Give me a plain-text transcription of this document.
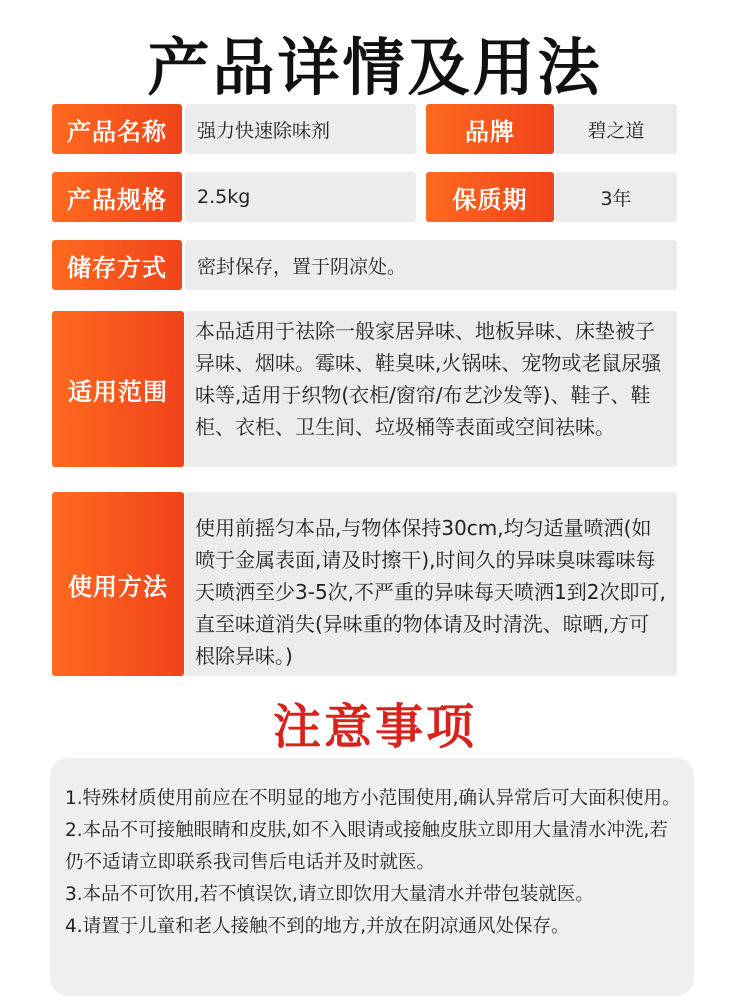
产品详情及用法
产品名称	强力快速除味剂	品牌	碧之道
产品规格	2.5kg	保质期	3年
储存方式	密封保存，置于阴凉处。
适用范围
本品适用于祛除一般家居异味、地板异味、床垫被子异味、烟味。霉味、鞋臭味,火锅味、宠物或老鼠尿骚味等,适用于织物(衣柜/窗帘/布艺沙发等)、鞋子、鞋柜、衣柜、卫生间、垃圾桶等表面或空间祛味。
使用方法
使用前摇匀本品,与物体保持30cm,均匀适量喷洒(如喷于金属表面,请及时擦干),时间久的异味臭味霉味每天喷洒至少3-5次,不严重的异味每天喷洒1到2次即可,直至味道消失(异味重的物体请及时清洗、晾晒,方可根除异味。)
注意事项
1.特殊材质使用前应在不明显的地方小范围使用,确认异常后可大面积使用。
2.本品不可接触眼睛和皮肤,如不入眼请或接触皮肤立即用大量清水冲洗,若仍不适请立即联系我司售后电话并及时就医。
3.本品不可饮用,若不慎误饮,请立即饮用大量清水并带包装就医。
4.请置于儿童和老人接触不到的地方,并放在阴凉通风处保存。
